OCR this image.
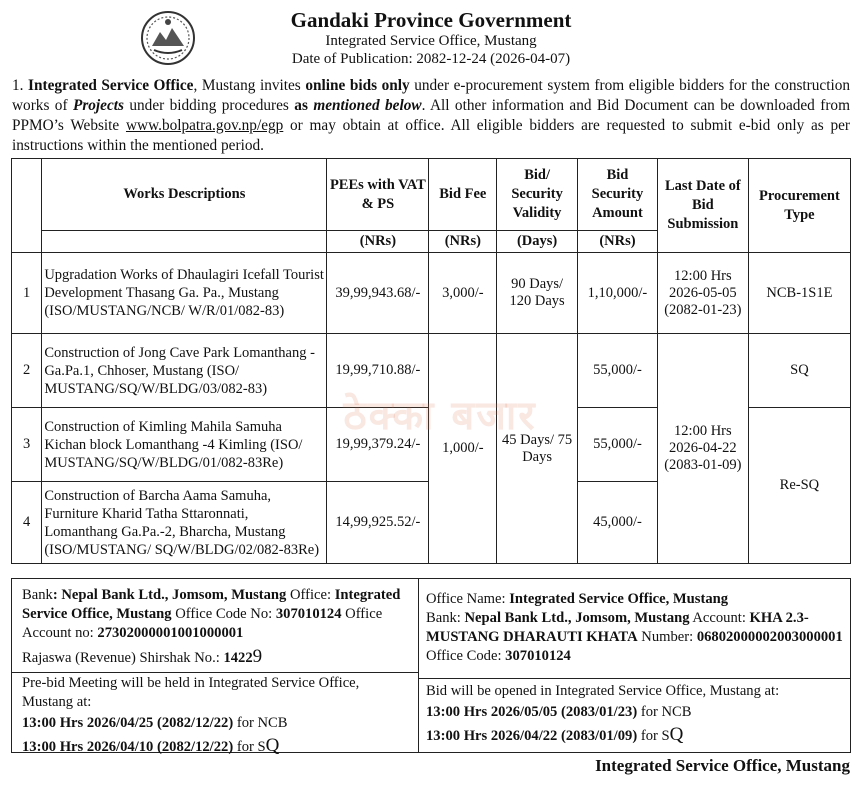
Gandaki Province Government
Integrated Service Office, Mustang
Date of Publication: 2082-12-24 (2026-04-07)
1. Integrated Service Office, Mustang invites online bids only under e-procurement system from eligible bidders for the construction works of Projects under bidding procedures as mentioned below. All other information and Bid Document can be downloaded from PPMO’s Website www.bolpatra.gov.np/egp or may obtain at office. All eligible bidders are requested to submit e-bid only as per instructions within the mentioned period.
	Works Descriptions	PEEs with VAT & PS	Bid Fee	Bid/ Security Validity	Bid Security Amount	Last Date of Bid Submission	Procurement Type
		(NRs)	(NRs)	(Days)	(NRs)		
1	Upgradation Works of Dhaulagiri Icefall Tourist Development Thasang Ga. Pa., Mustang (ISO/MUSTANG/NCB/ W/R/01/082-83)	39,99,943.68/-	3,000/-	90 Days/ 120 Days	1,10,000/-	12:00 Hrs 2026-05-05 (2082-01-23)	NCB-1S1E
2	Construction of Jong Cave Park Lomanthang -Ga.Pa.1, Chhoser, Mustang (ISO/ MUSTANG/SQ/W/BLDG/03/082-83)	19,99,710.88/-	1,000/-	45 Days/ 75 Days	55,000/-	12:00 Hrs 2026-04-22 (2083-01-09)	SQ
3	Construction of Kimling Mahila Samuha Kichan block Lomanthang -4 Kimling (ISO/ MUSTANG/SQ/W/BLDG/01/082-83Re)	19,99,379.24/-			55,000/-		Re-SQ
4	Construction of Barcha Aama Samuha, Furniture Kharid Tatha Sttaronnati, Lomanthang Ga.Pa.-2, Bharcha, Mustang (ISO/MUSTANG/ SQ/W/BLDG/02/082-83Re)	14,99,925.52/-			45,000/-		
ठेक्का बजार
Bank: Nepal Bank Ltd., Jomsom, Mustang Office: Integrated Service Office, Mustang Office Code No: 307010124 Office Account no: 27302000001001000001
Rajaswa (Revenue) Shirshak No.: 14229
Office Name: Integrated Service Office, Mustang
Bank: Nepal Bank Ltd., Jomsom, Mustang Account: KHA 2.3- MUSTANG DHARAUTI KHATA Number: 06802000002003000001 Office Code: 307010124
Pre-bid Meeting will be held in Integrated Service Office, Mustang at:
13:00 Hrs 2026/04/25 (2082/12/22) for NCB
13:00 Hrs 2026/04/10 (2082/12/22) for SQ
Bid will be opened in Integrated Service Office, Mustang at:
13:00 Hrs 2026/05/05 (2083/01/23) for NCB
13:00 Hrs 2026/04/22 (2083/01/09) for SQ
Integrated Service Office, Mustang
